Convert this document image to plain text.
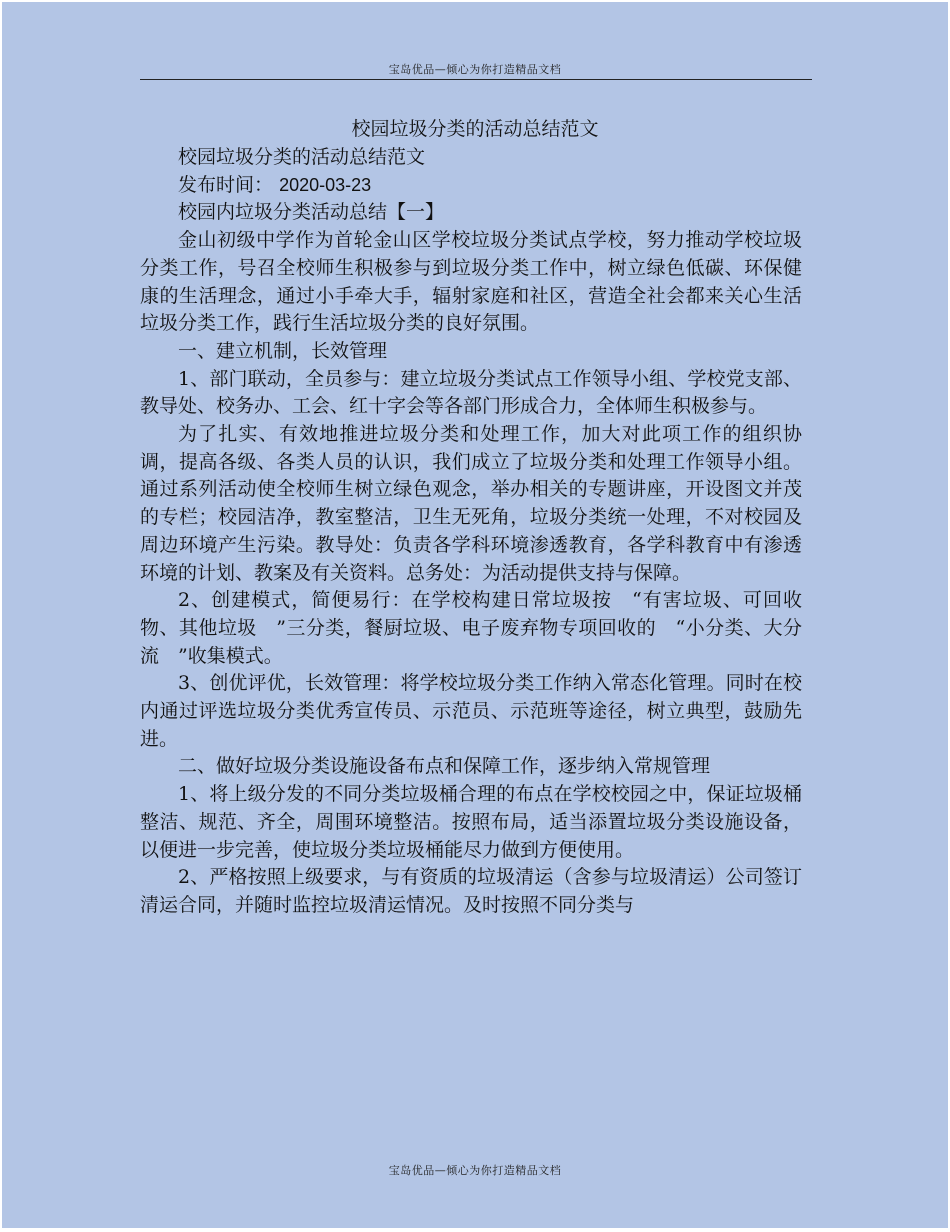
宝岛优品—倾心为你打造精品文档
校园垃圾分类的活动总结范文

校园垃圾分类的活动总结范文

发布时间： 2020-03-23

校园内垃圾分类活动总结【一】

金山初级中学作为首轮金山区学校垃圾分类试点学校，努力推动学校垃圾分类工作，号召全校师生积极参与到垃圾分类工作中，树立绿色低碳、环保健康的生活理念，通过小手牵大手，辐射家庭和社区，营造全社会都来关心生活垃圾分类工作，践行生活垃圾分类的良好氛围。

一、建立机制，长效管理

1、部门联动，全员参与：建立垃圾分类试点工作领导小组、学校党支部、教导处、校务办、工会、红十字会等各部门形成合力，全体师生积极参与。

为了扎实、有效地推进垃圾分类和处理工作，加大对此项工作的组织协调，提高各级、各类人员的认识，我们成立了垃圾分类和处理工作领导小组。通过系列活动使全校师生树立绿色观念，举办相关的专题讲座，开设图文并茂的专栏；校园洁净，教室整洁，卫生无死角，垃圾分类统一处理，不对校园及周边环境产生污染。教导处：负责各学科环境渗透教育，各学科教育中有渗透环境的计划、教案及有关资料。总务处：为活动提供支持与保障。

2、创建模式，简便易行：在学校构建日常垃圾按　“有害垃圾、可回收物、其他垃圾　”三分类，餐厨垃圾、电子废弃物专项回收的　“小分类、大分流　”收集模式。

3、创优评优，长效管理：将学校垃圾分类工作纳入常态化管理。同时在校内通过评选垃圾分类优秀宣传员、示范员、示范班等途径，树立典型，鼓励先进。

二、做好垃圾分类设施设备布点和保障工作，逐步纳入常规管理

1、将上级分发的不同分类垃圾桶合理的布点在学校校园之中，保证垃圾桶整洁、规范、齐全，周围环境整洁。按照布局，适当添置垃圾分类设施设备，以便进一步完善，使垃圾分类垃圾桶能尽力做到方便使用。

2、严格按照上级要求，与有资质的垃圾清运（含参与垃圾清运）公司签订清运合同，并随时监控垃圾清运情况。及时按照不同分类与

宝岛优品—倾心为你打造精品文档
